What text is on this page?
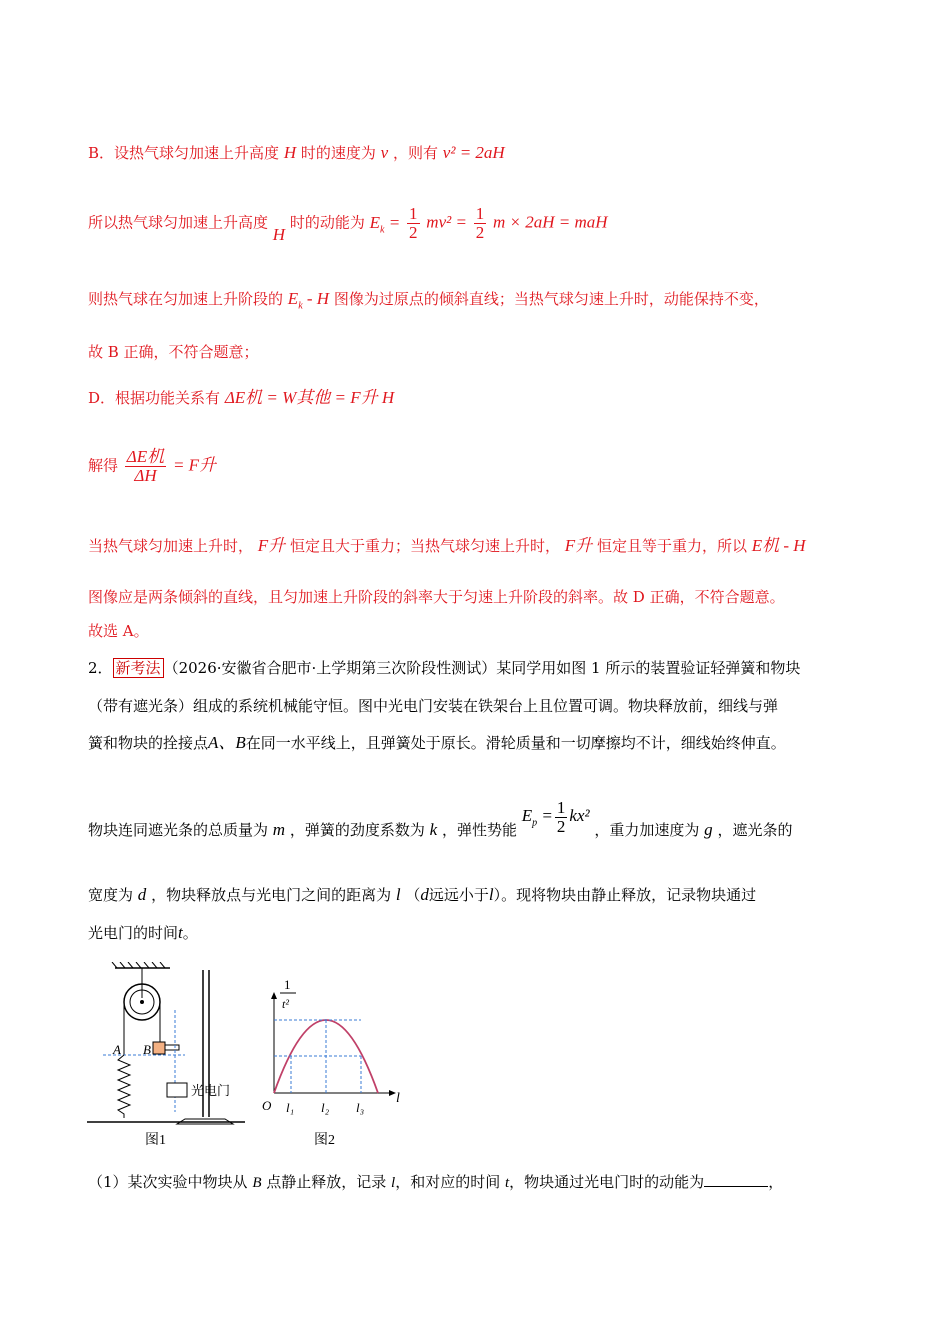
B．设热气球匀加速上升高度 H 时的速度为 v ，则有 v² = 2aH
所以热气球匀加速上升高度 H 时的动能为 $E_k = \frac{1}{2} mv^2 = \frac{1}{2}$ m × 2aH = maH
则热气球在匀加速上升阶段的 $E_k$ - H 图像为过原点的倾斜直线；当热气球匀速上升时，动能保持不变，
故 B 正确，不符合题意；
D．根据功能关系有 ΔE机 = W其他 = F升 H
解得 $\frac{\text{ΔE机}}{\Delta H} = F$升
当热气球匀加速上升时， F升 恒定且大于重力；当热气球匀速上升时， F升 恒定且等于重力，所以 E机 - H
图像应是两条倾斜的直线，且匀加速上升阶段的斜率大于匀速上升阶段的斜率。故 D 正确，不符合题意。
故选 A。
2． 新考法 （2026·安徽省合肥市·上学期第三次阶段性测试）某同学用如图 1 所示的装置验证轻弹簧和物块
（带有遮光条）组成的系统机械能守恒。图中光电门安装在铁架台上且位置可调。物块释放前，细线与弹
簧和物块的拴接点A、B在同一水平线上，且弹簧处于原长。滑轮质量和一切摩擦均不计，细线始终伸直。
物块连同遮光条的总质量为 m ，弹簧的劲度系数为 k ，弹性势能 $E_p = \frac{1}{2} kx^2$ ，重力加速度为 g ，遮光条的
宽度为 d ，物块释放点与光电门之间的距离为 l （d远远小于l）。现将物块由静止释放，记录物块通过
光电门的时间t。
A B
光电门
图1
1
t²
O l₁ l₂ l₃
l
图2
（1）某次实验中物块从 B 点静止释放，记录 l，和对应的时间 t，物块通过光电门时的动能为	，
